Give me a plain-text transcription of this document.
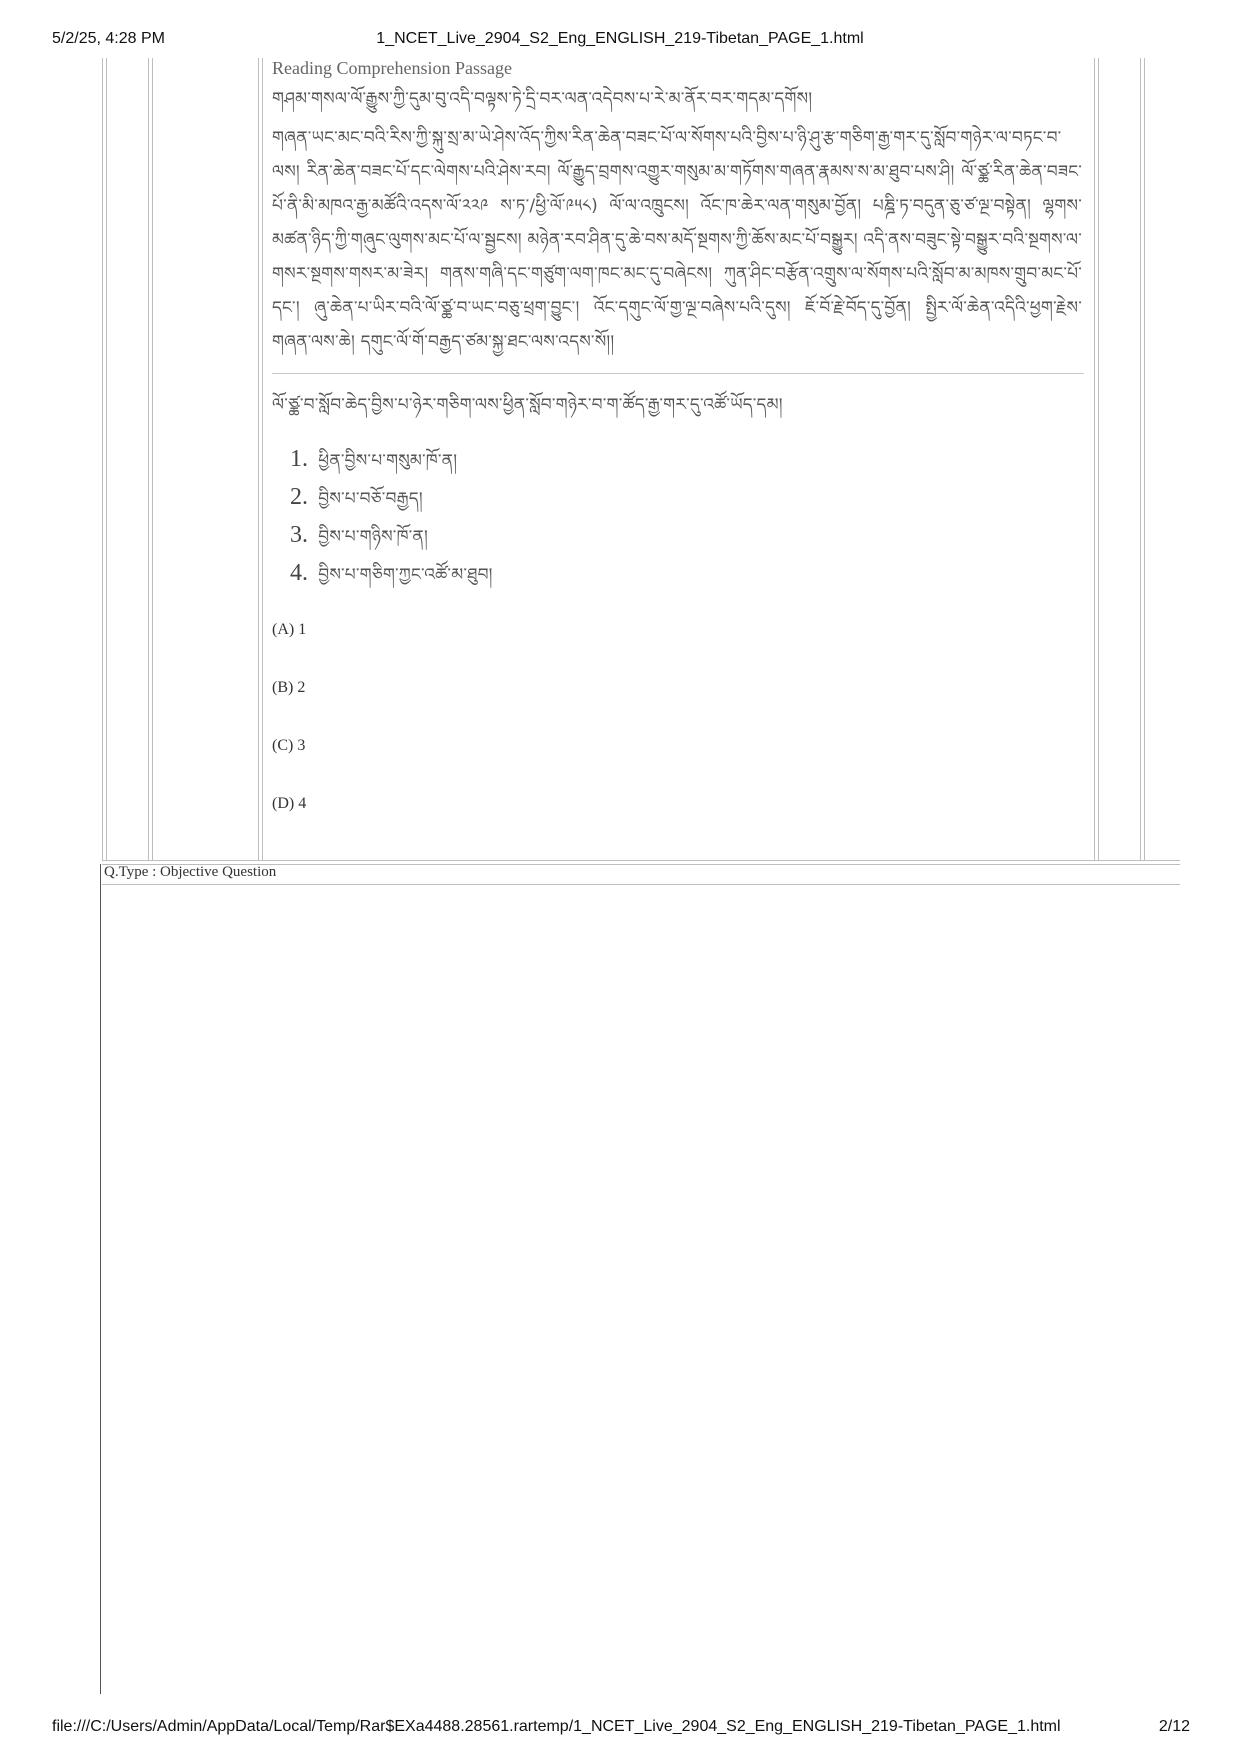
5/2/25, 4:28 PM	1_NCET_Live_2904_S2_Eng_ENGLISH_219-Tibetan_PAGE_1.html
Reading Comprehension Passage

གཤམ་གསལ་ལོ་རྒྱུས་ཀྱི་དུམ་བུ་འདི་བལྟས་ཏེ་དྲི་བར་ལན་འདེབས་པ་རེ་མ་ནོར་བར་གདམ་དགོས།

གཞན་ཡང་མང་བའི་རིས་ཀྱི་སྐུ་སྲ་མ་ཡེ་ཤེས་འོད་ཀྱིས་རིན་ཆེན་བཟང་པོ་ལ་སོགས་པའི་བྱིས་པ་ཉི་ཤུ་རྩ་གཅིག་རྒྱ་གར་དུ་སློབ་གཉེར་ལ་བཏང་བ་ལས། རིན་ཆེན་བཟང་པོ་དང་ལེགས་པའི་ཤེས་རབ། ལོ་རྒྱུད་བྲགས་འགྱུར་གསུམ་མ་གཏོགས་གཞན་རྣམས་ས་མ་ཐུབ་པས་ཤི། ལོ་ཙྪ་རིན་ཆེན་བཟང་པོ་ནི་མི་མཁའ་རྒྱ་མཚོའི་འདས་ལོ་༢༢༩ ས་ཏ་/ཕྱི་ལོ་༩༥༨) ལོ་ལ་འཁྲུངས། འོང་ཁ་ཆེར་ལན་གསུམ་བྱོན། པཎྜི་ཏ་བདུན་ཅུ་ཙ་ལྔ་བསྟེན། ལྷགས་མཚན་ཉིད་ཀྱི་གཞུང་ལུགས་མང་པོ་ལ་སྦྱངས། མཉེན་རབ་ཤིན་དུ་ཆེ་བས་མདོ་སྔགས་ཀྱི་ཆོས་མང་པོ་བསྒྱུར། འདི་ནས་བཟུང་སྟེ་བསྒྱུར་བའི་སྔགས་ལ་གསར་སྔགས་གསར་མ་ཟེར། གནས་གཞི་དང་གཙུག་ལག་ཁང་མང་དུ་བཞེངས། ཀུན་ཤིང་བརྩོན་འགྲུས་ལ་སོགས་པའི་སློབ་མ་མཁས་གྲུབ་མང་པོ་དང་། ཞུ་ཆེན་པ་ཡིར་བའི་ལོ་ཙྪ་བ་ཡང་བཅུ་ཕྲག་བྱུང་། འོང་དགུང་ལོ་གྱ་ལྔ་བཞེས་པའི་དུས། ཇོ་བོ་རྗེ་བོད་དུ་བྱོན། སྤྱིར་ལོ་ཆེན་འདིའི་ཕྱག་རྗེས་གཞན་ལས་ཆེ། དགུང་ལོ་གོ་བརྒྱད་ཙམ་སྐྱ་ཐང་ལས་འདས་སོ།།

ལོ་ཙྪ་བ་སློབ་ཆེད་བྱིས་པ་ཉེར་གཅིག་ལས་ཕྱིན་སློབ་གཉེར་བ་ག་ཚོད་རྒྱ་གར་དུ་འཚོ་ཡོད་དམ།

1. ཕྱིན་བྱིས་པ་གསུམ་ཁོ་ན།
2. བྱིས་པ་བཅོ་བརྒྱད།
3. བྱིས་པ་གཉིས་ཁོ་ན།
4. བྱིས་པ་གཅིག་ཀྱང་འཚོ་མ་ཐུབ།
(A) 1
(B) 2
(C) 3
(D) 4
Q.Type : Objective Question
file:///C:/Users/Admin/AppData/Local/Temp/Rar$EXa4488.28561.rartemp/1_NCET_Live_2904_S2_Eng_ENGLISH_219-Tibetan_PAGE_1.html	2/12
